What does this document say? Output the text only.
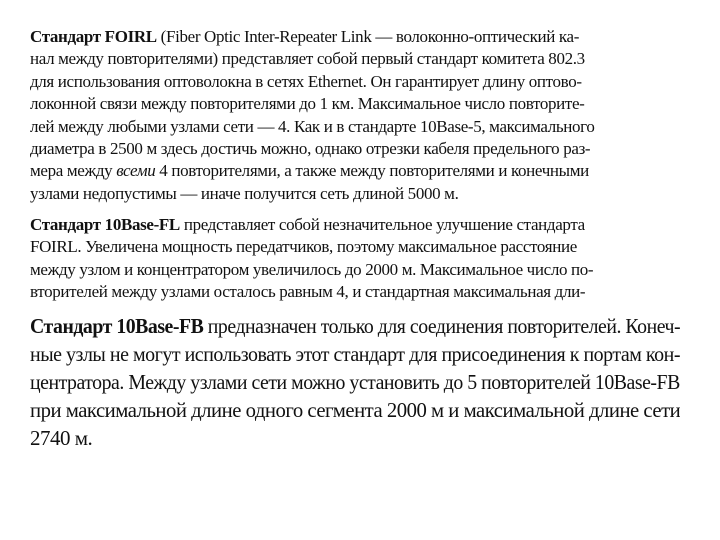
Стандарт FOIRL (Fiber Optic Inter-Repeater Link — волоконно-оптический ка-
нал между повторителями) представляет собой первый стандарт комитета 802.3
для использования оптоволокна в сетях Ethernet. Он гарантирует длину оптово-
локонной связи между повторителями до 1 км. Максимальное число повторите-
лей между любыми узлами сети — 4. Как и в стандарте 10Base-5, максимального
диаметра в 2500 м здесь достичь можно, однако отрезки кабеля предельного раз-
мера между всеми 4 повторителями, а также между повторителями и конечными
узлами недопустимы — иначе получится сеть длиной 5000 м.
Стандарт 10Base-FL представляет собой незначительное улучшение стандарта
FOIRL. Увеличена мощность передатчиков, поэтому максимальное расстояние
между узлом и концентратором увеличилось до 2000 м. Максимальное число по-
вторителей между узлами осталось равным 4, и стандартная максимальная дли-
Стандарт 10Base-FB предназначен только для соединения повторителей. Конеч-
ные узлы не могут использовать этот стандарт для присоединения к портам кон-
центратора. Между узлами сети можно установить до 5 повторителей 10Base-FB
при максимальной длине одного сегмента 2000 м и максимальной длине сети
2740 м.
